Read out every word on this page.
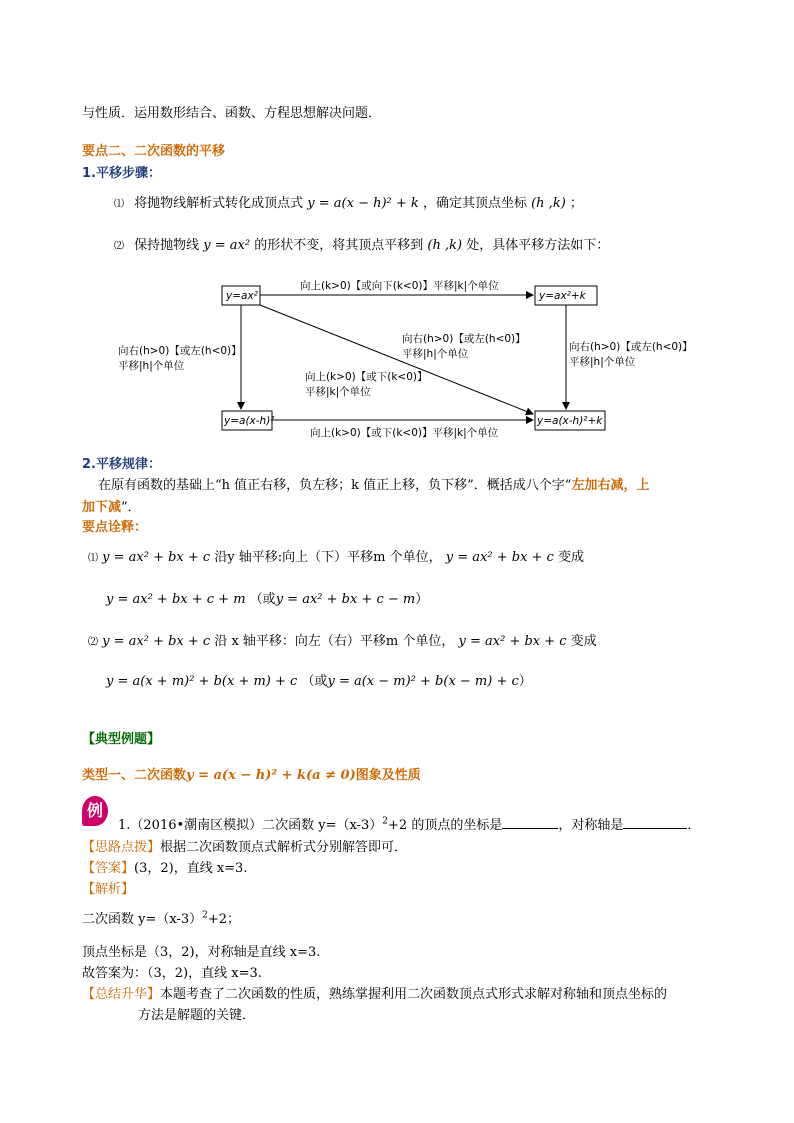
与性质．运用数形结合、函数、方程思想解决问题．
要点二、二次函数的平移
1.平移步骤：
⑴ 将抛物线解析式转化成顶点式 y = a(x − h)² + k ，确定其顶点坐标 (h ,k) ；
⑵ 保持抛物线 y = ax² 的形状不变，将其顶点平移到 (h ,k) 处，具体平移方法如下：
y=ax²	y=ax²+k
y=a(x-h)²	y=a(x-h)²+k
向上(k>0)【或向下(k<0)】平移|k|个单位
向右(h>0)【或左(h<0)】
平移|h|个单位
向右(h>0)【或左(h<0)】
平移|h|个单位
向右(h>0)【或左(h<0)】
平移|h|个单位
向上(k>0)【或下(k<0)】
平移|k|个单位
向上(k>0)【或下(k<0)】平移|k|个单位
2.平移规律：
在原有函数的基础上“h 值正右移，负左移；k 值正上移，负下移”．概括成八个字“左加右减，上
加下减”．
要点诠释：
⑴ y = ax² + bx + c 沿y 轴平移:向上（下）平移m 个单位， y = ax² + bx + c 变成
y = ax² + bx + c + m （或y = ax² + bx + c − m）
⑵ y = ax² + bx + c 沿 x 轴平移：向左（右）平移m 个单位， y = ax² + bx + c 变成
y = a(x + m)² + b(x + m) + c （或y = a(x − m)² + b(x − m) + c）
【典型例题】
类型一、二次函数y = a(x − h)² + k(a ≠ 0)图象及性质
例
1.（2016•潮南区模拟）二次函数 $y=(x-3)^2+2$ 的顶点的坐标是	，对称轴是	．
【思路点拨】根据二次函数顶点式解析式分别解答即可．
【答案】(3，2)，直线 x=3.
【解析】
二次函数 $y=(x-3)^2+2$；
顶点坐标是（3，2)，对称轴是直线 x=3.
故答案为：（3，2)，直线 x=3.
【总结升华】本题考查了二次函数的性质，熟练掌握利用二次函数顶点式形式求解对称轴和顶点坐标的
方法是解题的关键．
